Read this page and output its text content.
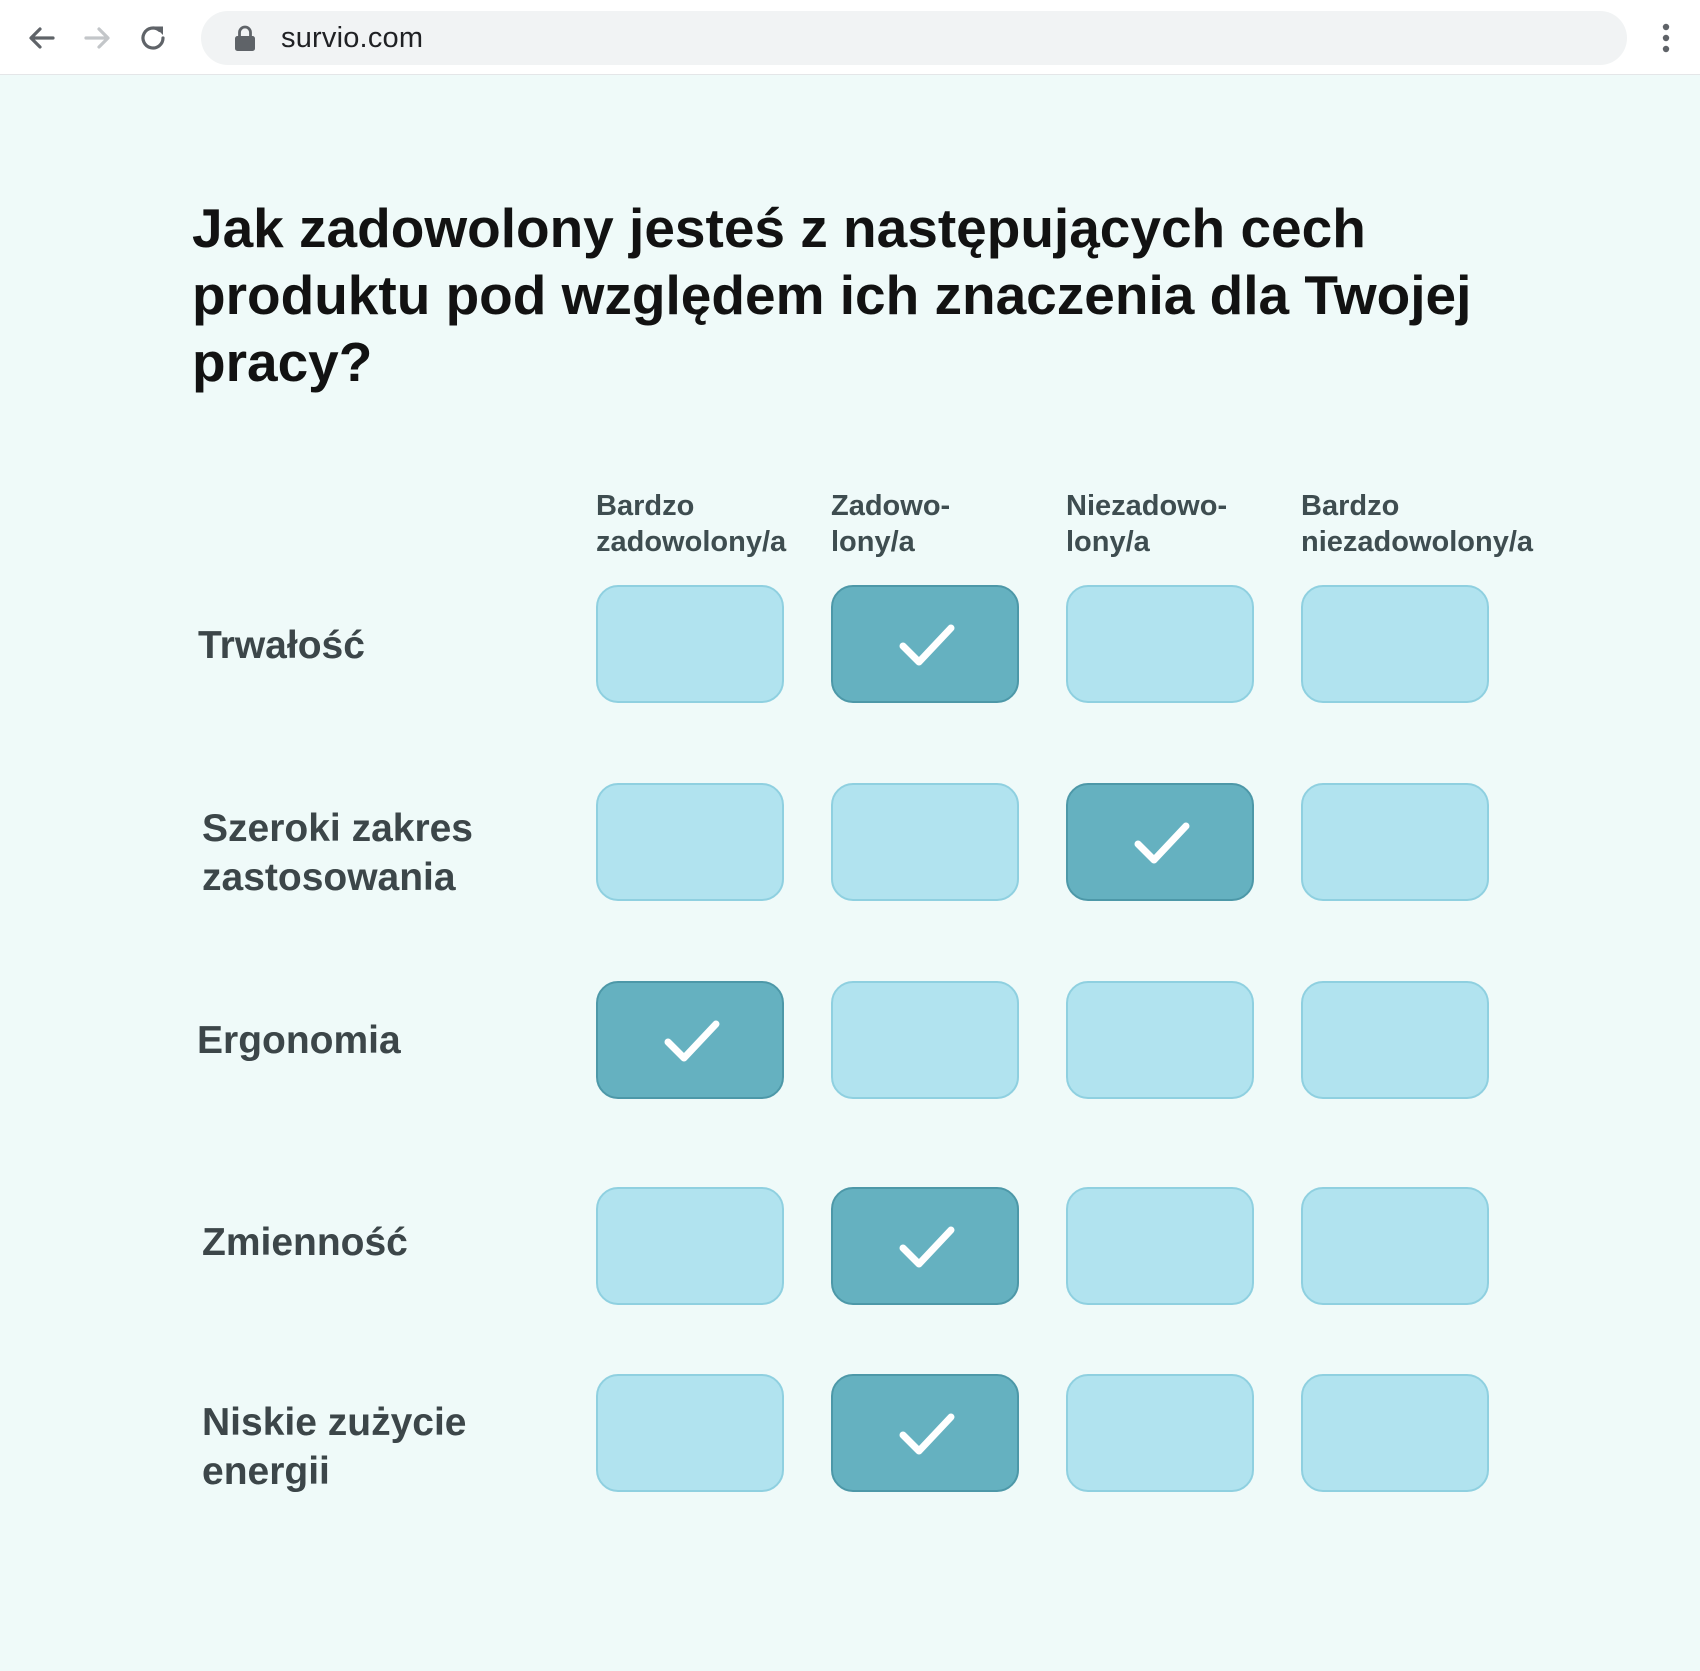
survio.com
Jak zadowolony jesteś z następujących cech produktu pod względem ich znaczenia dla Twojej pracy?
Bardzo
zadowolony/a
Zadowo-
lony/a
Niezadowo-
lony/a
Bardzo
niezadowolony/a
Trwałość
Szeroki zakres
zastosowania
Ergonomia
Zmienność
Niskie zużycie
energii
